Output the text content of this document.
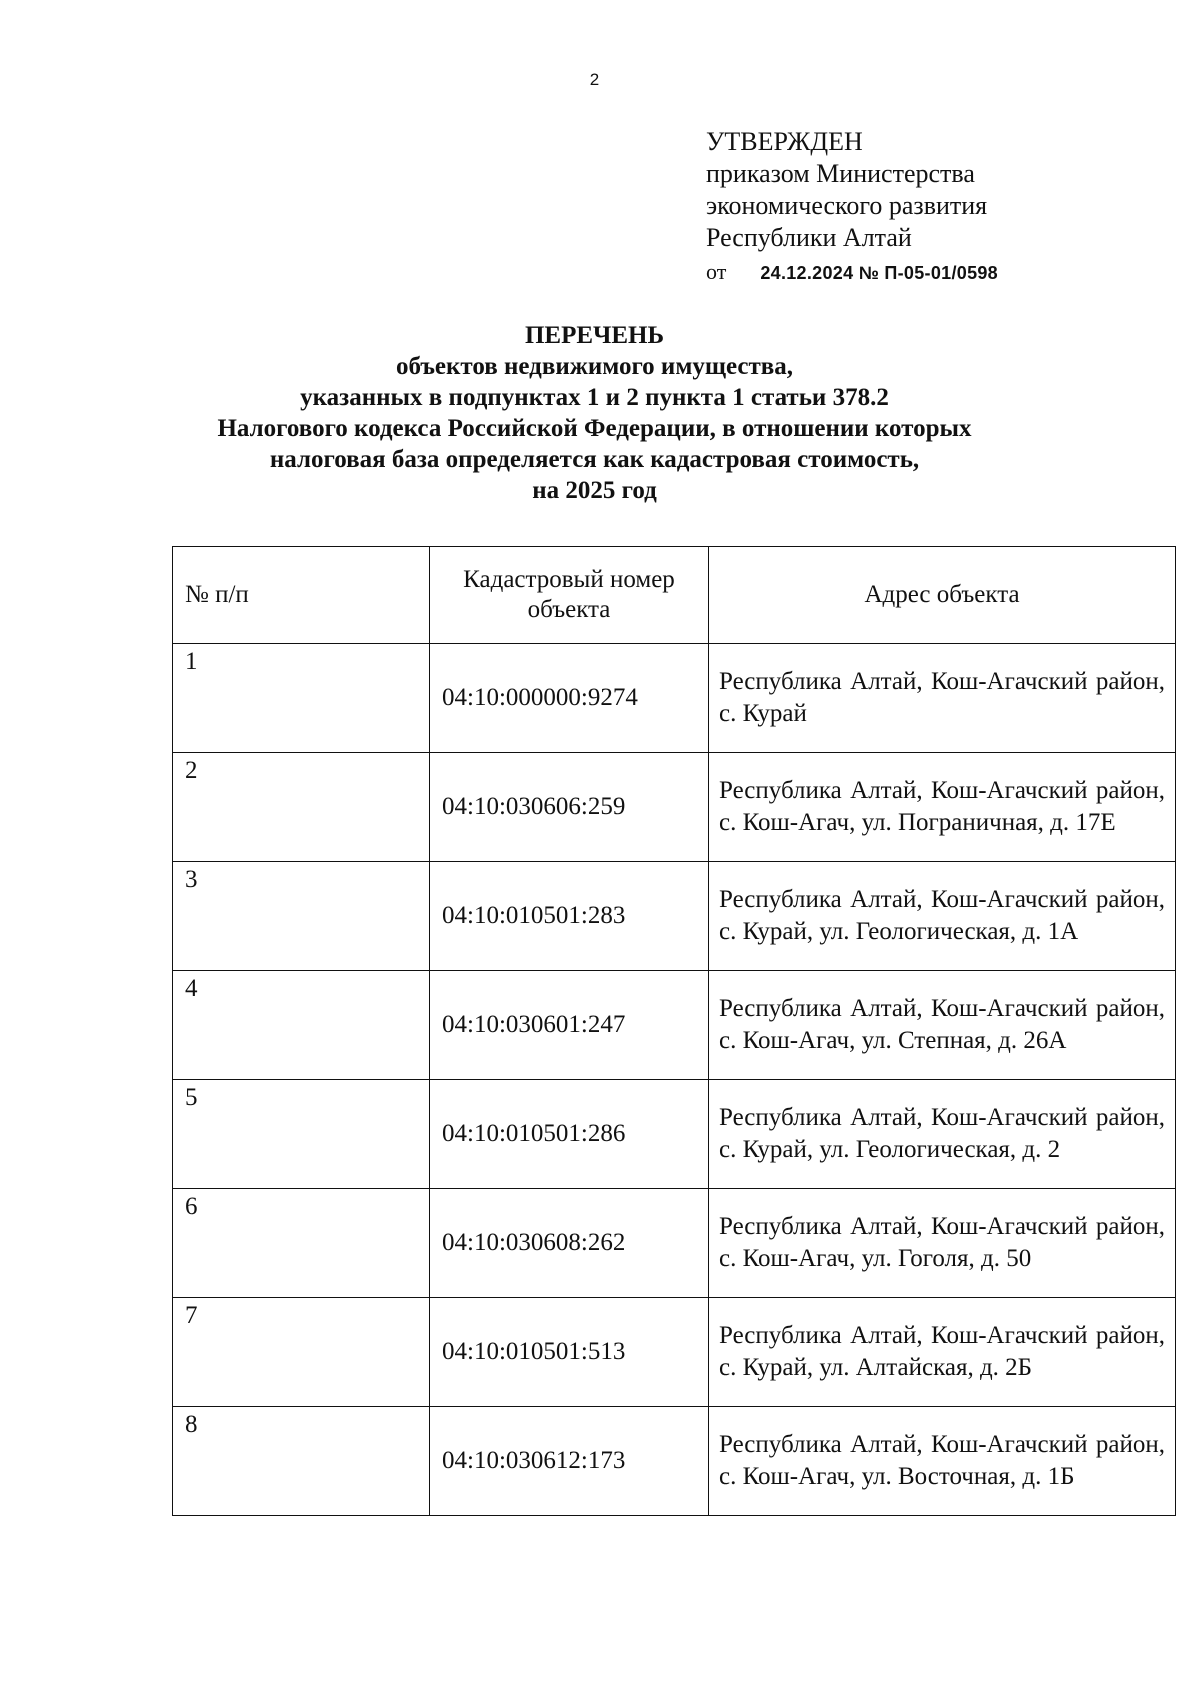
2
УТВЕРЖДЕН
приказом Министерства
экономического развития
Республики Алтай
от 24.12.2024 № П-05-01/0598
ПЕРЕЧЕНЬ
объектов недвижимого имущества,
указанных в подпунктах 1 и 2 пункта 1 статьи 378.2
Налогового кодекса Российской Федерации, в отношении которых
налоговая база определяется как кадастровая стоимость,
на 2025 год
№ п/п	Кадастровый номер объекта	Адрес объекта
1	04:10:000000:9274	Республика Алтай, Кош-Агачский район, с. Курай
2	04:10:030606:259	Республика Алтай, Кош-Агачский район, с. Кош-Агач, ул. Пограничная, д. 17Е
3	04:10:010501:283	Республика Алтай, Кош-Агачский район, с. Курай, ул. Геологическая, д. 1А
4	04:10:030601:247	Республика Алтай, Кош-Агачский район, с. Кош-Агач, ул. Степная, д. 26А
5	04:10:010501:286	Республика Алтай, Кош-Агачский район, с. Курай, ул. Геологическая, д. 2
6	04:10:030608:262	Республика Алтай, Кош-Агачский район, с. Кош-Агач, ул. Гоголя, д. 50
7	04:10:010501:513	Республика Алтай, Кош-Агачский район, с. Курай, ул. Алтайская, д. 2Б
8	04:10:030612:173	Республика Алтай, Кош-Агачский район, с. Кош-Агач, ул. Восточная, д. 1Б
